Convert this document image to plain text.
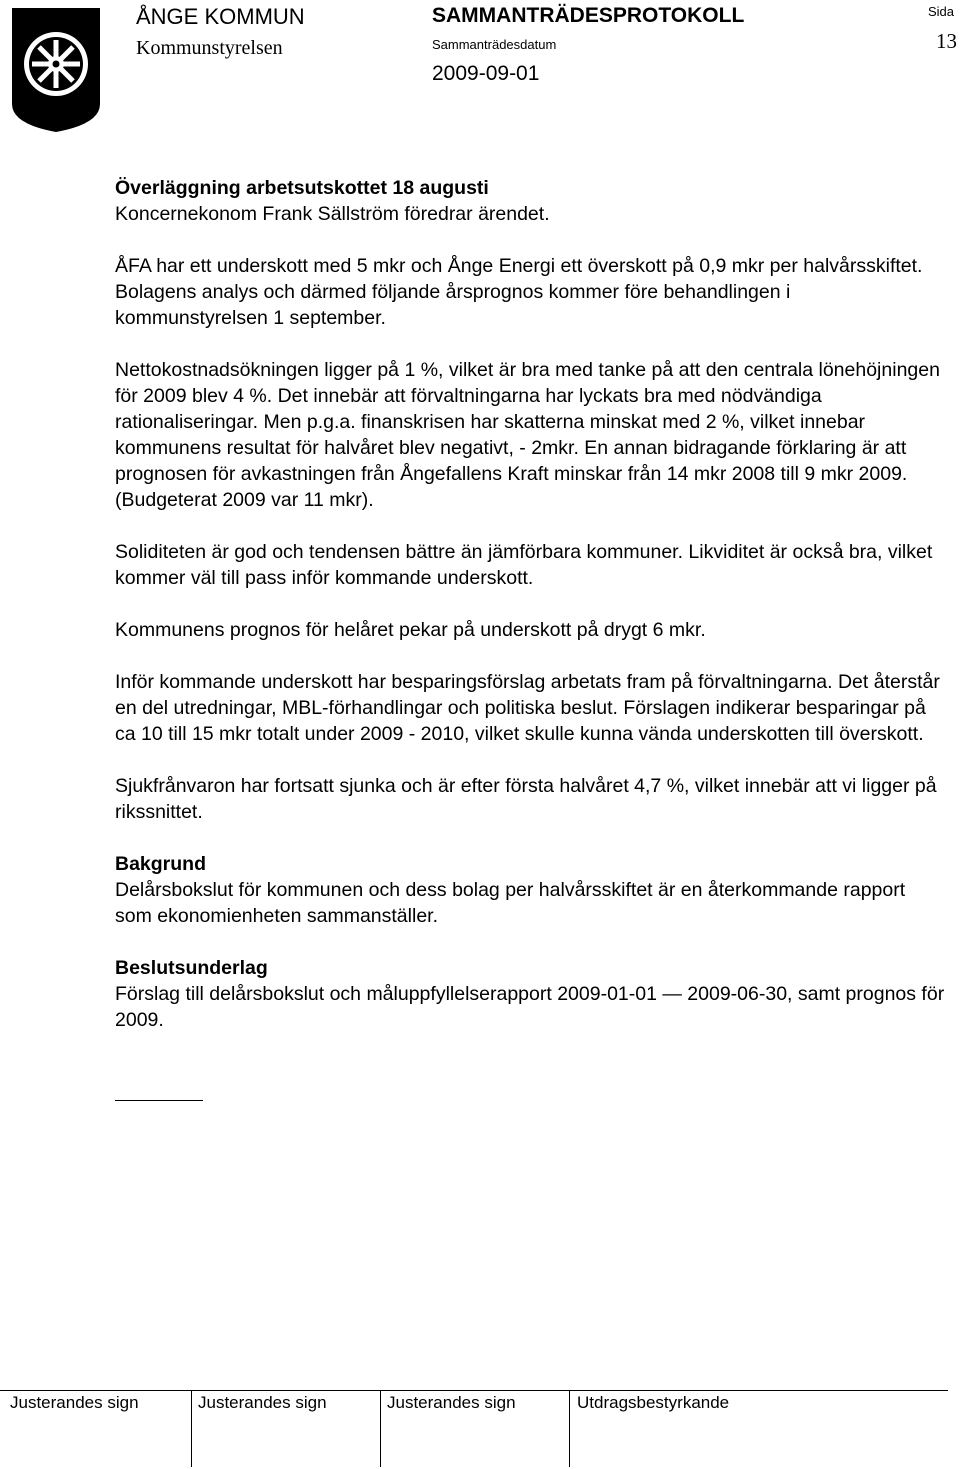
ÅNGE KOMMUN
Kommunstyrelsen
SAMMANTRÄDESPROTOKOLL
Sammanträdesdatum
2009-09-01
Sida
13

Överläggning arbetsutskottet 18 augusti
Koncernekonom Frank Sällström föredrar ärendet.

ÅFA har ett underskott med 5 mkr och Ånge Energi ett överskott på 0,9 mkr per halvårsskiftet. Bolagens analys och därmed följande årsprognos kommer före behandlingen i kommunstyrelsen 1 september.

Nettokostnadsökningen ligger på 1 %, vilket är bra med tanke på att den centrala lönehöjningen för 2009 blev 4 %. Det innebär att förvaltningarna har lyckats bra med nödvändiga rationaliseringar. Men p.g.a. finanskrisen har skatterna minskat med 2 %, vilket innebar kommunens resultat för halvåret blev negativt, - 2mkr. En annan bidragande förklaring är att prognosen för avkastningen från Ångefallens Kraft minskar från 14 mkr 2008 till 9 mkr 2009. (Budgeterat 2009 var 11 mkr).

Soliditeten är god och tendensen bättre än jämförbara kommuner. Likviditet är också bra, vilket kommer väl till pass inför kommande underskott.

Kommunens prognos för helåret pekar på underskott på drygt 6 mkr.

Inför kommande underskott har besparingsförslag arbetats fram på förvaltningarna. Det återstår en del utredningar, MBL-förhandlingar och politiska beslut. Förslagen indikerar besparingar på ca 10 till 15 mkr totalt under 2009 - 2010, vilket skulle kunna vända underskotten till överskott.

Sjukfrånvaron har fortsatt sjunka och är efter första halvåret 4,7 %, vilket innebär att vi ligger på rikssnittet.

Bakgrund
Delårsbokslut för kommunen och dess bolag per halvårsskiftet är en återkommande rapport som ekonomienheten sammanställer.

Beslutsunderlag
Förslag till delårsbokslut och måluppfyllelserapport 2009-01-01 — 2009-06-30, samt prognos för 2009.

Justerandes sign	Justerandes sign	Justerandes sign	Utdragsbestyrkande
